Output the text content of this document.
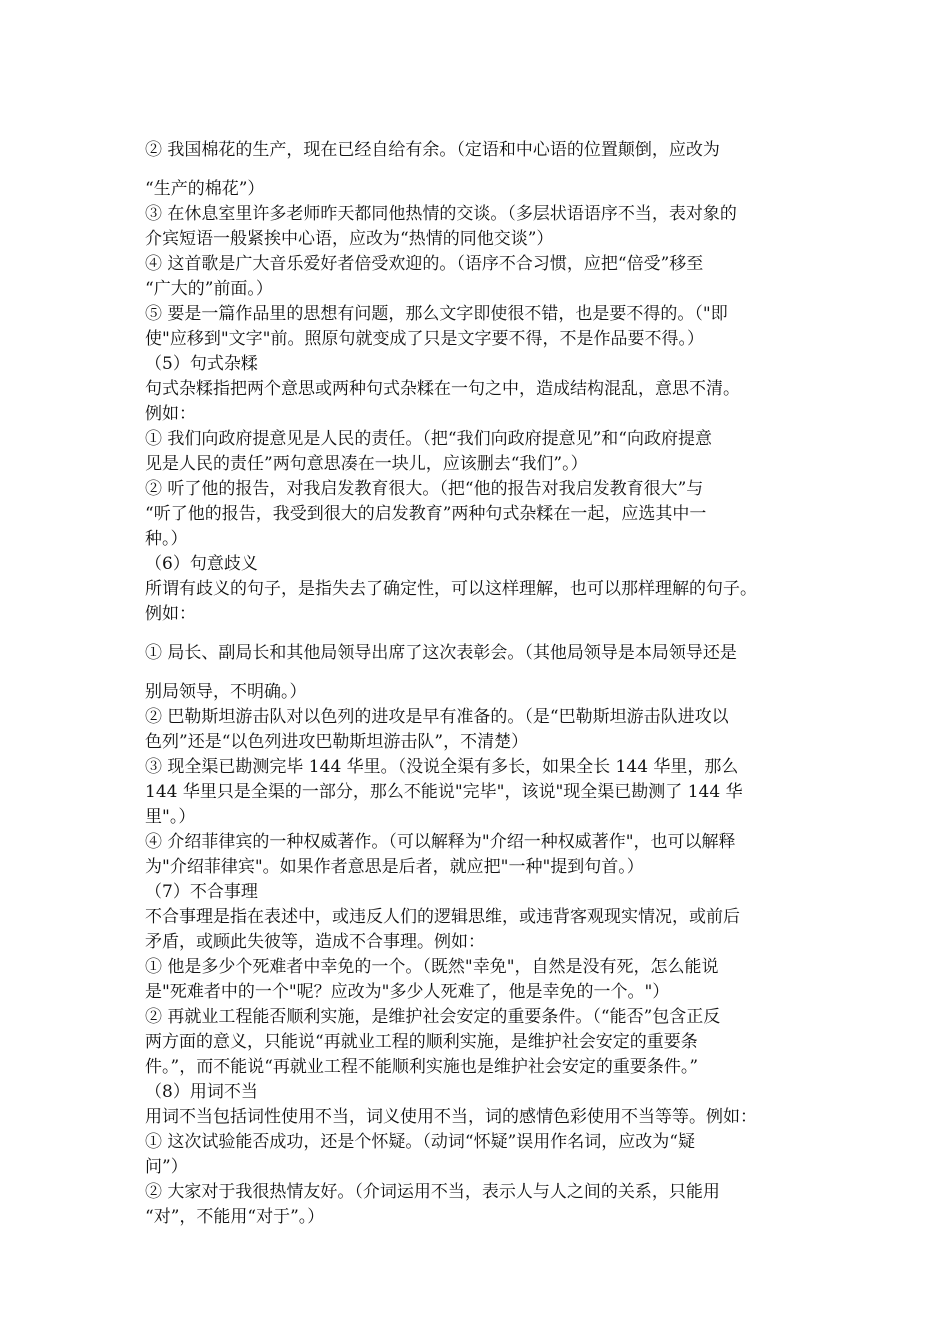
② 我国棉花的生产，现在已经自给有余。（定语和中心语的位置颠倒，应改为
“生产的棉花”）
③ 在休息室里许多老师昨天都同他热情的交谈。（多层状语语序不当，表对象的
介宾短语一般紧挨中心语，应改为“热情的同他交谈”）
④ 这首歌是广大音乐爱好者倍受欢迎的。（语序不合习惯，应把“倍受”移至
“广大的”前面。）
⑤ 要是一篇作品里的思想有问题，那么文字即使很不错，也是要不得的。（"即
使"应移到"文字"前。照原句就变成了只是文字要不得，不是作品要不得。）
（5）句式杂糅
句式杂糅指把两个意思或两种句式杂糅在一句之中，造成结构混乱，意思不清。
例如：
① 我们向政府提意见是人民的责任。（把“我们向政府提意见”和“向政府提意
见是人民的责任”两句意思凑在一块儿，应该删去“我们”。）
② 听了他的报告，对我启发教育很大。（把“他的报告对我启发教育很大”与
“听了他的报告，我受到很大的启发教育”两种句式杂糅在一起，应选其中一
种。）
（6）句意歧义
所谓有歧义的句子，是指失去了确定性，可以这样理解，也可以那样理解的句子。
例如：
① 局长、副局长和其他局领导出席了这次表彰会。（其他局领导是本局领导还是
别局领导，不明确。）
② 巴勒斯坦游击队对以色列的进攻是早有准备的。（是“巴勒斯坦游击队进攻以
色列”还是“以色列进攻巴勒斯坦游击队”，不清楚）
③ 现全渠已勘测完毕 144 华里。（没说全渠有多长，如果全长 144 华里，那么
144 华里只是全渠的一部分，那么不能说"完毕"，该说"现全渠已勘测了 144 华
里"。）
④ 介绍菲律宾的一种权威著作。（可以解释为"介绍一种权威著作"，也可以解释
为"介绍菲律宾"。如果作者意思是后者，就应把"一种"提到句首。）
（7）不合事理
不合事理是指在表述中，或违反人们的逻辑思维，或违背客观现实情况，或前后
矛盾，或顾此失彼等，造成不合事理。例如：
① 他是多少个死难者中幸免的一个。（既然"幸免"，自然是没有死，怎么能说
是"死难者中的一个"呢？应改为"多少人死难了，他是幸免的一个。"）
② 再就业工程能否顺利实施，是维护社会安定的重要条件。（“能否”包含正反
两方面的意义，只能说“再就业工程的顺利实施，是维护社会安定的重要条
件。”，而不能说“再就业工程不能顺利实施也是维护社会安定的重要条件。”
（8）用词不当
用词不当包括词性使用不当，词义使用不当，词的感情色彩使用不当等等。例如：
① 这次试验能否成功，还是个怀疑。（动词“怀疑”误用作名词，应改为“疑
问”）
② 大家对于我很热情友好。（介词运用不当，表示人与人之间的关系，只能用
“对”，不能用“对于”。）
